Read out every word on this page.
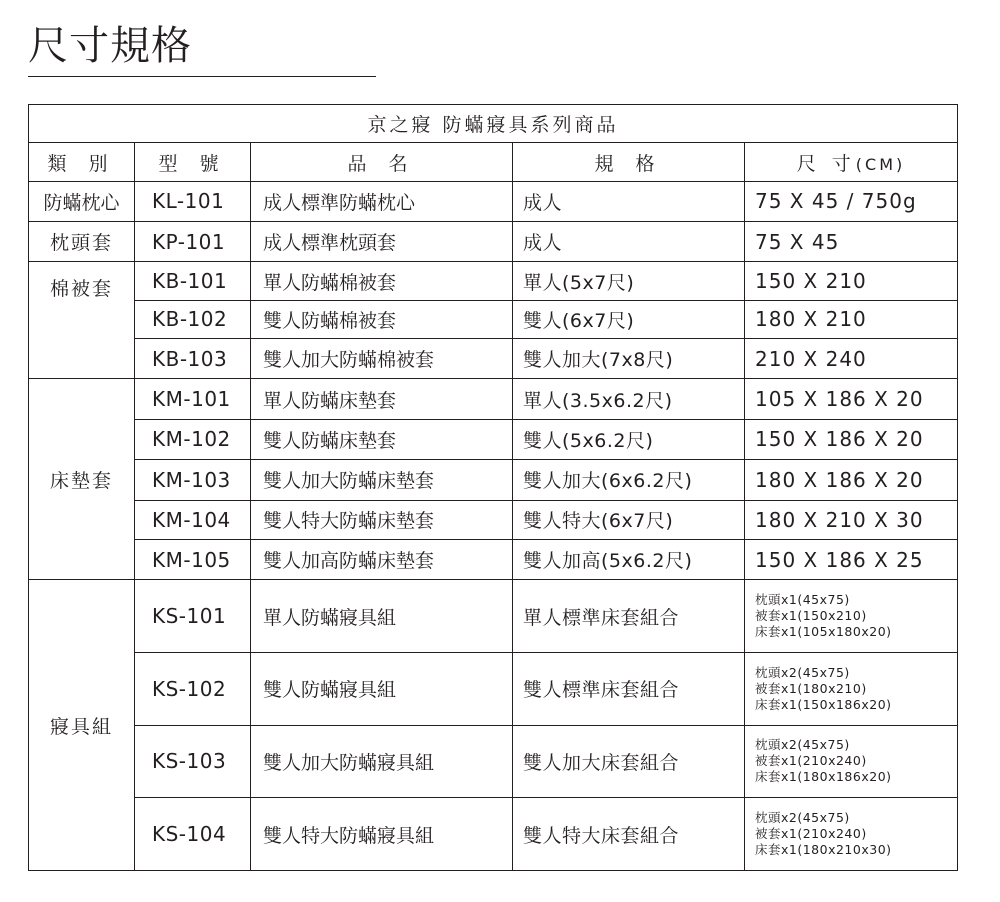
尺寸規格
京之寢 防蟎寢具系列商品				
類 別	型 號	品 名	規 格	尺 寸(CM)
防蟎枕心	KL-101	成人標準防蟎枕心	成人	75 X 45 / 750g
枕頭套	KP-101	成人標準枕頭套	成人	75 X 45
棉被套	KB-101	單人防蟎棉被套	單人(5x7尺)	150 X 210
	KB-102	雙人防蟎棉被套	雙人(6x7尺)	180 X 210
	KB-103	雙人加大防蟎棉被套	雙人加大(7x8尺)	210 X 240
床墊套	KM-101	單人防蟎床墊套	單人(3.5x6.2尺)	105 X 186 X 20
	KM-102	雙人防蟎床墊套	雙人(5x6.2尺)	150 X 186 X 20
	KM-103	雙人加大防蟎床墊套	雙人加大(6x6.2尺)	180 X 186 X 20
	KM-104	雙人特大防蟎床墊套	雙人特大(6x7尺)	180 X 210 X 30
	KM-105	雙人加高防蟎床墊套	雙人加高(5x6.2尺)	150 X 186 X 25
寢具組	KS-101	單人防蟎寢具組	單人標準床套組合	枕頭x1(45x75)
被套x1(150x210)
床套x1(105x180x20)

	KS-102	雙人防蟎寢具組	雙人標準床套組合	枕頭x2(45x75)
被套x1(180x210)
床套x1(150x186x20)

	KS-103	雙人加大防蟎寢具組	雙人加大床套組合	枕頭x2(45x75)
被套x1(210x240)
床套x1(180x186x20)

	KS-104	雙人特大防蟎寢具組	雙人特大床套組合	枕頭x2(45x75)
被套x1(210x240)
床套x1(180x210x30)
